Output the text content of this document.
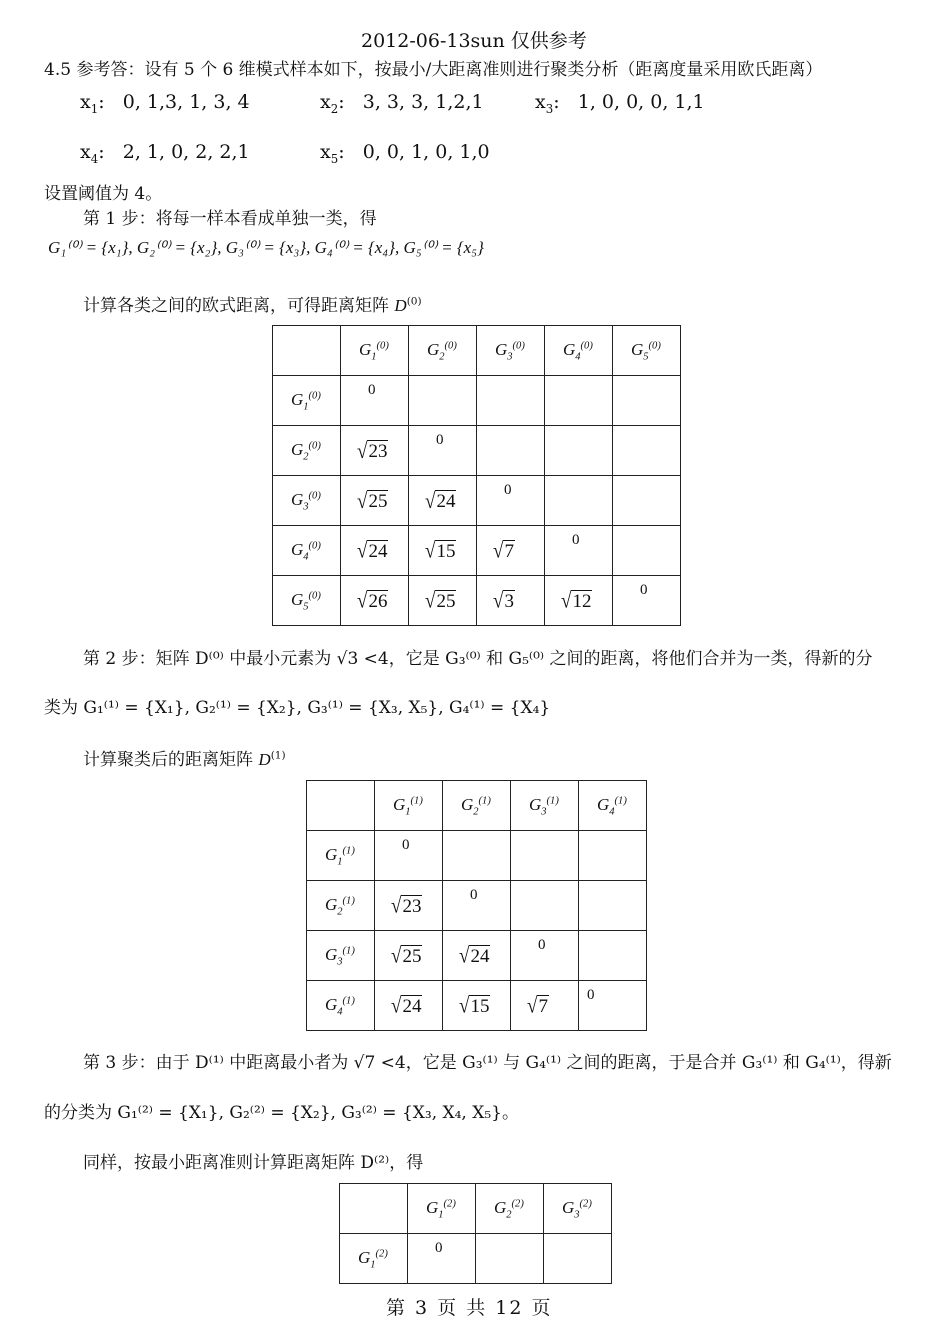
2012-06-13sun 仅供参考
4.5 参考答：设有 5 个 6 维模式样本如下，按最小/大距离准则进行聚类分析（距离度量采用欧氏距离）
$x_1$:   0, 1,3, 1, 3, 4	$x_2$:   3, 3, 3, 1,2,1	$x_3$:   1, 0, 0, 0, 1,1
$x_4$:   2, 1, 0, 2, 2,1	$x_5$:   0, 0, 1, 0, 1,0
设置阈值为 4。
第 1 步：将每一样本看成单独一类，得
G₁⁽⁰⁾ = {x₁}, G₂⁽⁰⁾ = {x₂}, G₃⁽⁰⁾ = {x₃}, G₄⁽⁰⁾ = {x₄}, G₅⁽⁰⁾ = {x₅}
计算各类之间的欧式距离，可得距离矩阵 $D^{(0)}$

	$G_1^{(0)}$	$G_2^{(0)}$	$G_3^{(0)}$	$G_4^{(0)}$	$G_5^{(0)}$

$G_1^{(0)}$	0				

$G_2^{(0)}$	√23	0			

$G_3^{(0)}$	√25	√24	0		

$G_4^{(0)}$	√24	√15	√7	0	

$G_5^{(0)}$	√26	√25	√3	√12	0
第 2 步：矩阵 D⁽⁰⁾ 中最小元素为 √3 <4，它是 G₃⁽⁰⁾ 和 G₅⁽⁰⁾ 之间的距离，将他们合并为一类，得新的分
类为 G₁⁽¹⁾ = {X₁}, G₂⁽¹⁾ = {X₂}, G₃⁽¹⁾ = {X₃, X₅}, G₄⁽¹⁾ = {X₄}
计算聚类后的距离矩阵 $D^{(1)}$

	$G_1^{(1)}$	$G_2^{(1)}$	$G_3^{(1)}$	$G_4^{(1)}$

$G_1^{(1)}$	0			

$G_2^{(1)}$	√23	0		

$G_3^{(1)}$	√25	√24	0	

$G_4^{(1)}$	√24	√15	√7	0
第 3 步：由于 D⁽¹⁾ 中距离最小者为 √7 <4，它是 G₃⁽¹⁾ 与 G₄⁽¹⁾ 之间的距离，于是合并 G₃⁽¹⁾ 和 G₄⁽¹⁾，得新
的分类为 G₁⁽²⁾ = {X₁}, G₂⁽²⁾ = {X₂}, G₃⁽²⁾ = {X₃, X₄, X₅}。
同样，按最小距离准则计算距离矩阵 D⁽²⁾，得

	$G_1^{(2)}$	$G_2^{(2)}$	$G_3^{(2)}$

$G_1^{(2)}$	0		

第 3 页 共 12 页
